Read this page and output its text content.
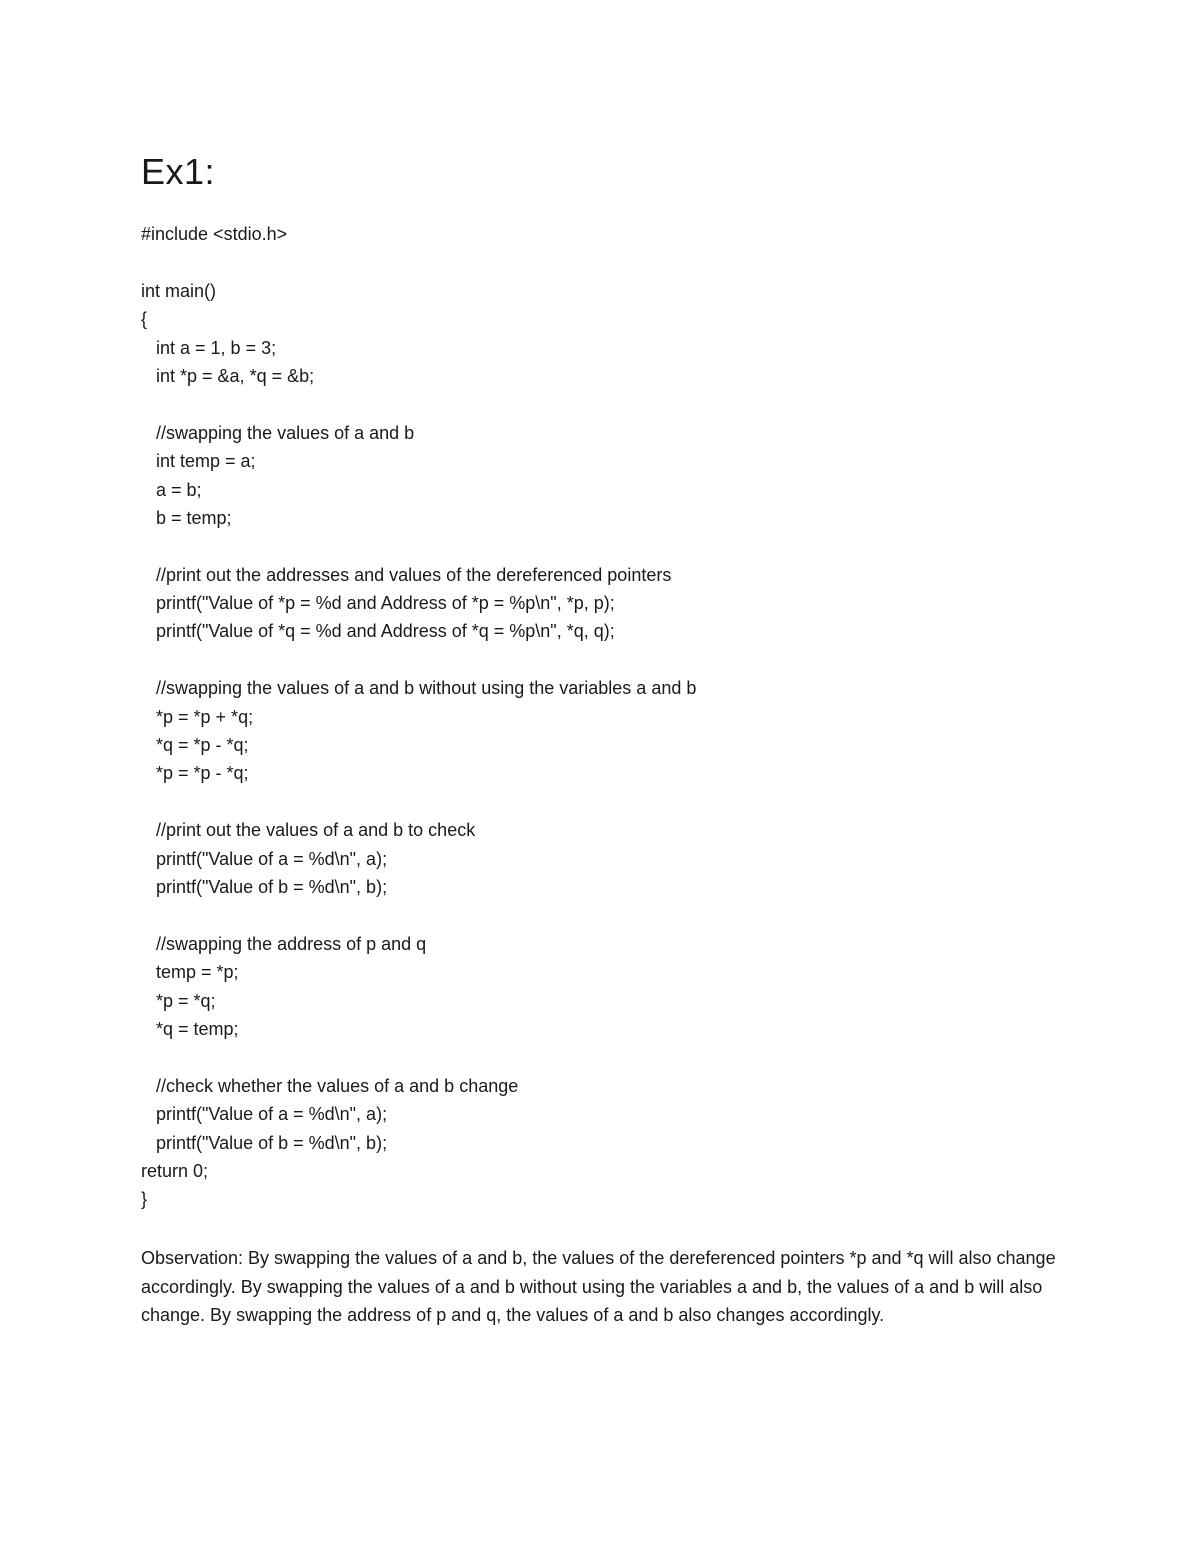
Ex1:
#include <stdio.h>
int main()
{
int a = 1, b = 3;
int *p = &a, *q = &b;
//swapping the values of a and b
int temp = a;
a = b;
b = temp;
//print out the addresses and values of the dereferenced pointers
printf("Value of *p = %d and Address of *p = %p\n", *p, p);
printf("Value of *q = %d and Address of *q = %p\n", *q, q);
//swapping the values of a and b without using the variables a and b
*p = *p + *q;
*q = *p - *q;
*p = *p - *q;
//print out the values of a and b to check
printf("Value of a = %d\n", a);
printf("Value of b = %d\n", b);
//swapping the address of p and q
temp = *p;
*p = *q;
*q = temp;
//check whether the values of a and b change
printf("Value of a = %d\n", a);
printf("Value of b = %d\n", b);
return 0;
}

Observation: By swapping the values of a and b, the values of the dereferenced pointers *p and *q will also change accordingly. By swapping the values of a and b without using the variables a and b, the values of a and b will also change. By swapping the address of p and q, the values of a and b also changes accordingly.
